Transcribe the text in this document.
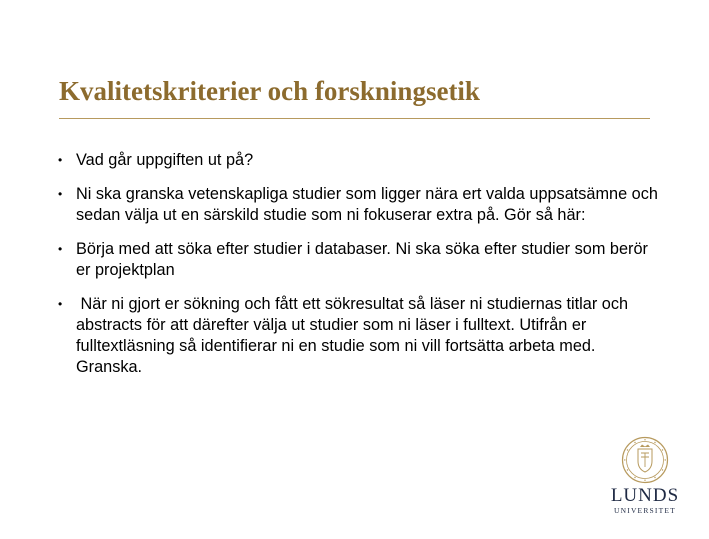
Kvalitetskriterier och forskningsetik
• Vad går uppgiften ut på?
• Ni ska granska vetenskapliga studier som ligger nära ert valda uppsatsämne och sedan välja ut en särskild studie som ni fokuserar extra på. Gör så här:
• Börja med att söka efter studier i databaser. Ni ska söka efter studier som berör er projektplan
• När ni gjort er sökning och fått ett sökresultat så läser ni studiernas titlar och abstracts för att därefter välja ut studier som ni läser i fulltext. Utifrån er fulltextläsning så identifierar ni en studie som ni vill fortsätta arbeta med.  Granska.
LUNDS
UNIVERSITET
